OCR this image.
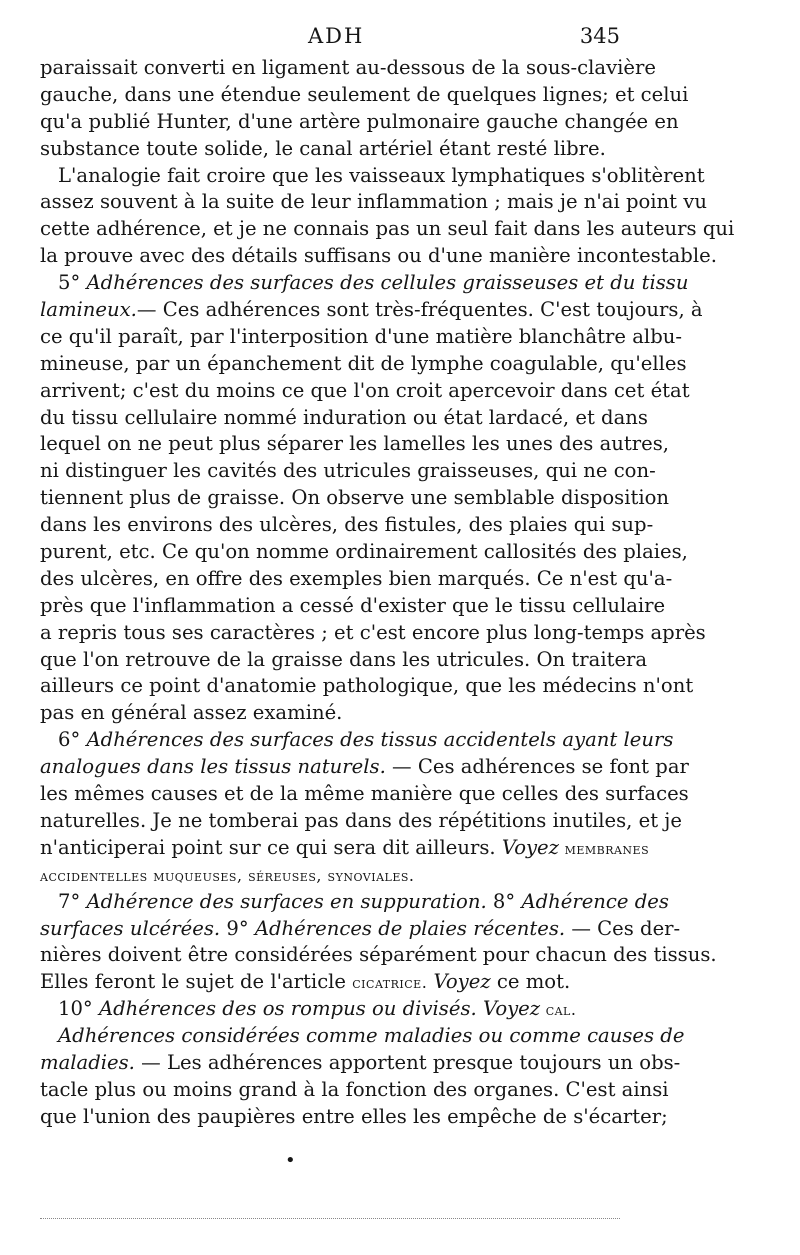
ADH	345
paraissait converti en ligament au-dessous de la sous-clavière
gauche, dans une étendue seulement de quelques lignes; et celui
qu'a publié Hunter, d'une artère pulmonaire gauche changée en
substance toute solide, le canal artériel étant resté libre.
L'analogie fait croire que les vaisseaux lymphatiques s'oblitèrent
assez souvent à la suite de leur inflammation ; mais je n'ai point vu
cette adhérence, et je ne connais pas un seul fait dans les auteurs qui
la prouve avec des détails suffisans ou d'une manière incontestable.
5° Adhérences des surfaces des cellules graisseuses et du tissu
lamineux.— Ces adhérences sont très-fréquentes. C'est toujours, à
ce qu'il paraît, par l'interposition d'une matière blanchâtre albu-
mineuse, par un épanchement dit de lymphe coagulable, qu'elles
arrivent; c'est du moins ce que l'on croit apercevoir dans cet état
du tissu cellulaire nommé induration ou état lardacé, et dans
lequel on ne peut plus séparer les lamelles les unes des autres,
ni distinguer les cavités des utricules graisseuses, qui ne con-
tiennent plus de graisse. On observe une semblable disposition
dans les environs des ulcères, des fistules, des plaies qui sup-
purent, etc. Ce qu'on nomme ordinairement callosités des plaies,
des ulcères, en offre des exemples bien marqués. Ce n'est qu'a-
près que l'inflammation a cessé d'exister que le tissu cellulaire
a repris tous ses caractères ; et c'est encore plus long-temps après
que l'on retrouve de la graisse dans les utricules. On traitera
ailleurs ce point d'anatomie pathologique, que les médecins n'ont
pas en général assez examiné.
6° Adhérences des surfaces des tissus accidentels ayant leurs
analogues dans les tissus naturels. — Ces adhérences se font par
les mêmes causes et de la même manière que celles des surfaces
naturelles. Je ne tomberai pas dans des répétitions inutiles, et je
n'anticiperai point sur ce qui sera dit ailleurs. Voyez membranes
accidentelles muqueuses, séreuses, synoviales.
7° Adhérence des surfaces en suppuration. 8° Adhérence des
surfaces ulcérées. 9° Adhérences de plaies récentes. — Ces der-
nières doivent être considérées séparément pour chacun des tissus.
Elles feront le sujet de l'article cicatrice. Voyez ce mot.
10° Adhérences des os rompus ou divisés. Voyez cal.
Adhérences considérées comme maladies ou comme causes de
maladies. — Les adhérences apportent presque toujours un obs-
tacle plus ou moins grand à la fonction des organes. C'est ainsi
que l'union des paupières entre elles les empêche de s'écarter;
•
